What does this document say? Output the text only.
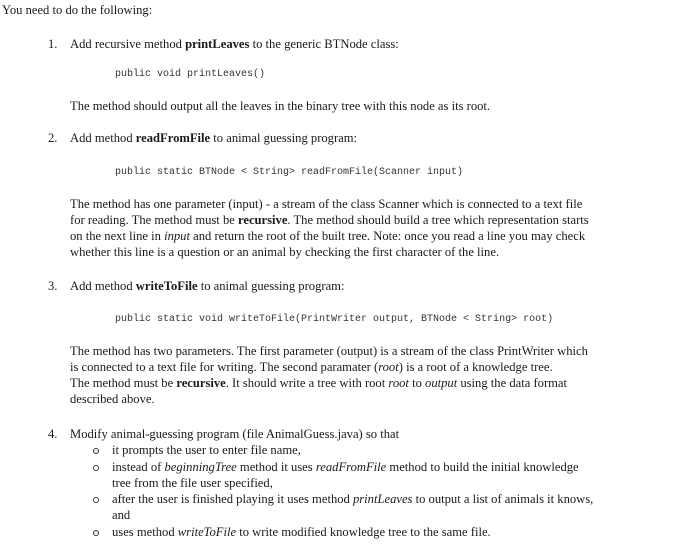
You need to do the following:
1. Add recursive method printLeaves to the generic BTNode class:
public void printLeaves()
The method should output all the leaves in the binary tree with this node as its root.
2. Add method readFromFile to animal guessing program:
public static BTNode < String> readFromFile(Scanner input)
The method has one parameter (input) - a stream of the class Scanner which is connected to a text file
for reading. The method must be recursive. The method should build a tree which representation starts
on the next line in input and return the root of the built tree. Note: once you read a line you may check
whether this line is a question or an animal by checking the first character of the line.
3. Add method writeToFile to animal guessing program:
public static void writeToFile(PrintWriter output, BTNode < String> root)
The method has two parameters. The first parameter (output) is a stream of the class PrintWriter which
is connected to a text file for writing. The second paramater (root) is a root of a knowledge tree.
The method must be recursive. It should write a tree with root root to output using the data format
described above.
4. Modify animal-guessing program (file AnimalGuess.java) so that
it prompts the user to enter file name,
instead of beginningTree method it uses readFromFile method to build the initial knowledge
tree from the file user specified,
after the user is finished playing it uses method printLeaves to output a list of animals it knows,
and
uses method writeToFile to write modified knowledge tree to the same file.
